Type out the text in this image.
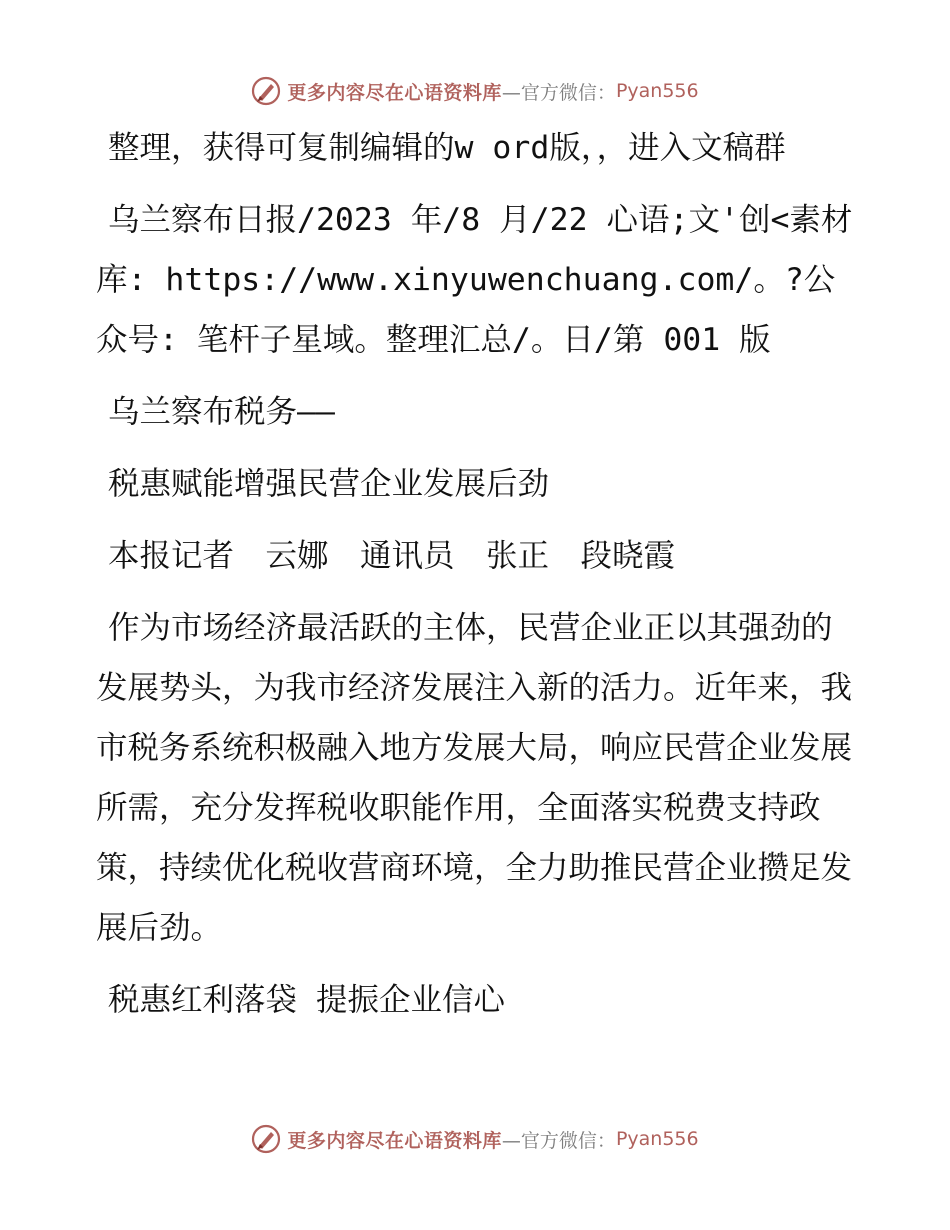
更多内容尽在心语资料库 —官方微信： Pyan556

整理，获得可复制编辑的w ord版，，进入文稿群

乌兰察布日报/2023 年/8 月/22 心语;文'创<素材库: https://www.xinyuwenchuang.com/。?公众号: 笔杆子星域。整理汇总/。日/第 001 版

乌兰察布税务——

税惠赋能增强民营企业发展后劲

本报记者　云娜　通讯员　张正　段晓霞

作为市场经济最活跃的主体，民营企业正以其强劲的发展势头，为我市经济发展注入新的活力。近年来，我市税务系统积极融入地方发展大局，响应民营企业发展所需，充分发挥税收职能作用，全面落实税费支持政策，持续优化税收营商环境，全力助推民营企业攒足发展后劲。

税惠红利落袋 提振企业信心

更多内容尽在心语资料库 —官方微信： Pyan556
